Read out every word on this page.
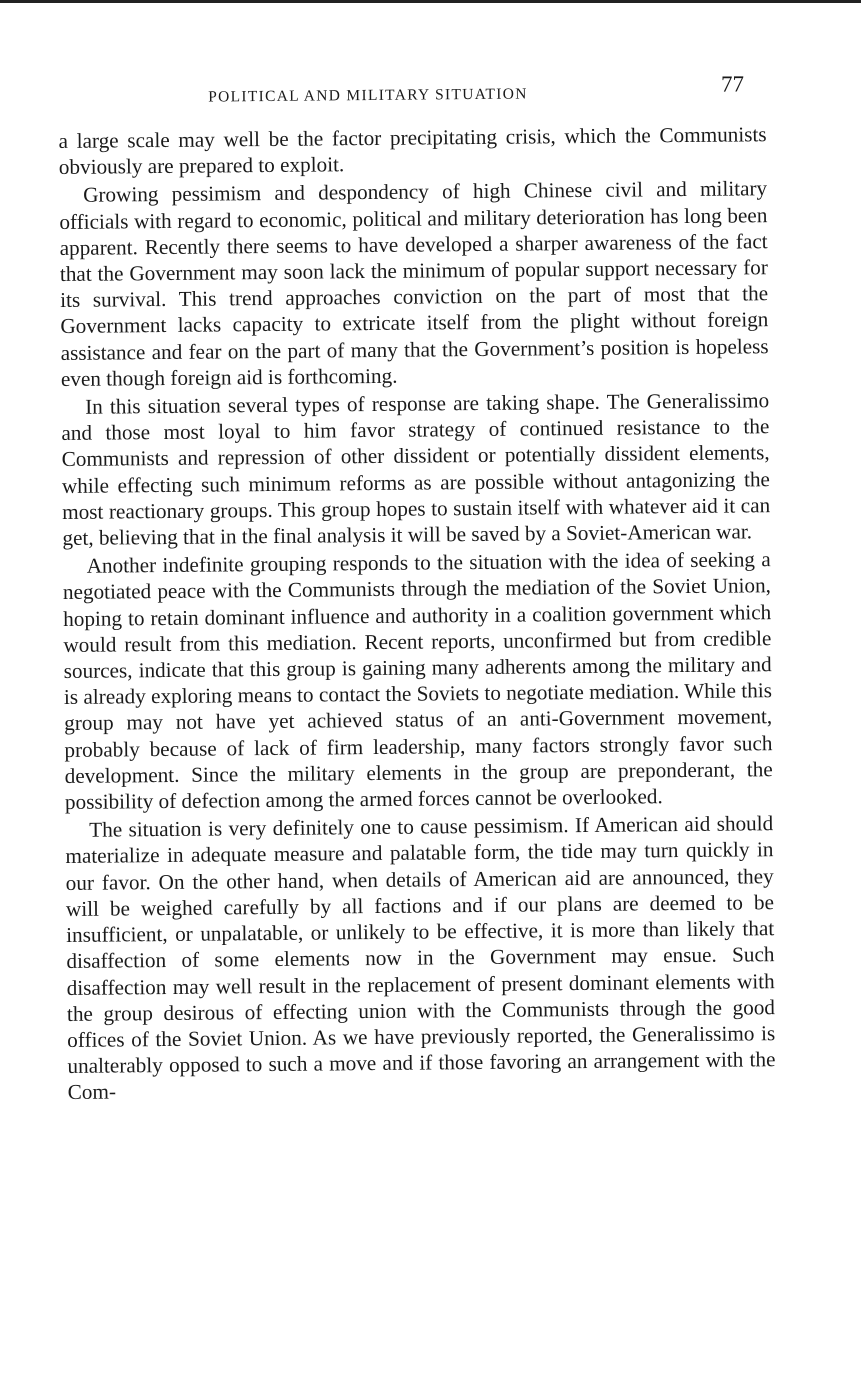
POLITICAL AND MILITARY SITUATION	77

a large scale may well be the factor precipitating crisis, which the Communists obviously are prepared to exploit.

Growing pessimism and despondency of high Chinese civil and military officials with regard to economic, political and military deterioration has long been apparent. Recently there seems to have developed a sharper awareness of the fact that the Government may soon lack the minimum of popular support necessary for its survival. This trend approaches conviction on the part of most that the Government lacks capacity to extricate itself from the plight without foreign assistance and fear on the part of many that the Government’s position is hopeless even though foreign aid is forthcoming.

In this situation several types of response are taking shape. The Generalissimo and those most loyal to him favor strategy of continued resistance to the Communists and repression of other dissident or potentially dissident elements, while effecting such minimum reforms as are possible without antagonizing the most reactionary groups. This group hopes to sustain itself with whatever aid it can get, believing that in the final analysis it will be saved by a Soviet-American war.

Another indefinite grouping responds to the situation with the idea of seeking a negotiated peace with the Communists through the mediation of the Soviet Union, hoping to retain dominant influence and authority in a coalition government which would result from this mediation. Recent reports, unconfirmed but from credible sources, indicate that this group is gaining many adherents among the military and is already exploring means to contact the Soviets to negotiate mediation. While this group may not have yet achieved status of an anti-Government movement, probably because of lack of firm leadership, many factors strongly favor such development. Since the military elements in the group are preponderant, the possibility of defection among the armed forces cannot be overlooked.

The situation is very definitely one to cause pessimism. If American aid should materialize in adequate measure and palatable form, the tide may turn quickly in our favor. On the other hand, when details of American aid are announced, they will be weighed carefully by all factions and if our plans are deemed to be insufficient, or unpalatable, or unlikely to be effective, it is more than likely that disaffection of some elements now in the Government may ensue. Such disaffection may well result in the replacement of present dominant elements with the group desirous of effecting union with the Communists through the good offices of the Soviet Union. As we have previously reported, the Generalissimo is unalterably opposed to such a move and if those favoring an arrangement with the Com-
